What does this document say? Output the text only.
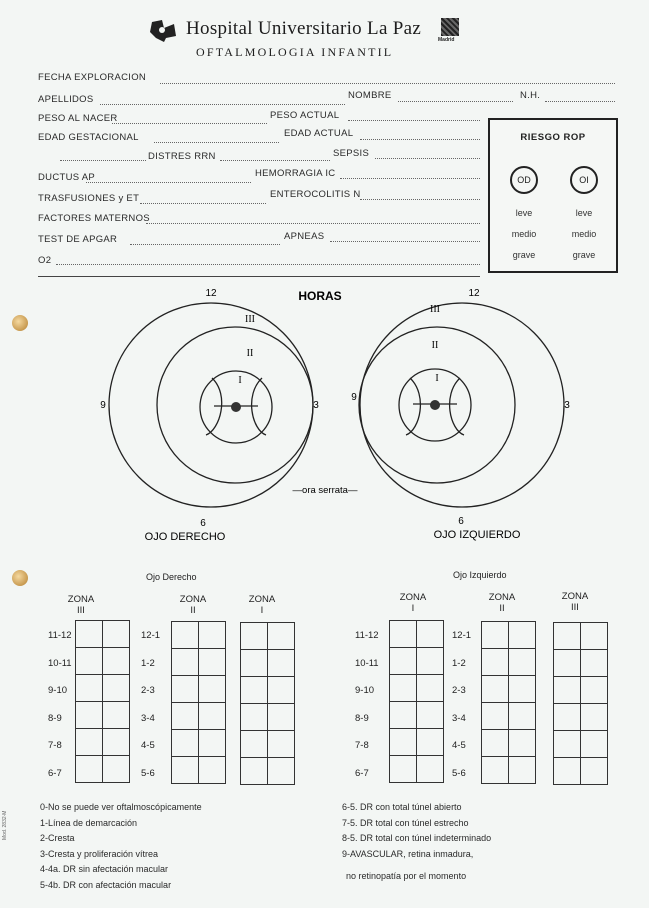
Hospital Universitario La Paz
OFTALMOLOGIA INFANTIL
Madrid
FECHA EXPLORACION
APELLIDOS	NOMBRE	N.H.
PESO AL NACER	PESO ACTUAL
EDAD GESTACIONAL	EDAD ACTUAL
DISTRES RRN	SEPSIS
DUCTUS AP	HEMORRAGIA IC
TRASFUSIONES y ET	ENTEROCOLITIS N
FACTORES MATERNOS
TEST DE APGAR	APNEAS
O2
RIESGO ROP
OD	OI
leve	leve
medio	medio
grave	grave
HORAS
12
9	3
6
III
II
I
12
9
3
6
III
II
I
—ora serrata—
OJO DERECHO	OJO IZQUIERDO
Ojo Derecho
ZONA
III
ZONA
II
ZONA
I

Ojo Izquierdo
ZONA
I
ZONA
II
ZONA
III

11-12
10-11
9-10
8-9
7-8
6-7
12-1
1-2
2-3
3-4
4-5
5-6
11-12
10-11
9-10
8-9
7-8
6-7
12-1
1-2
2-3
3-4
4-5
5-6
0-No se puede ver oftalmoscópicamente
1-Línea de demarcación
2-Cresta
3-Cresta y proliferación vítrea
4-4a. DR sin afectación macular
5-4b. DR con afectación macular
6-5. DR con total túnel abierto
7-5. DR total con túnel estrecho
8-5. DR total con túnel indeterminado
9-AVASCULAR, retina inmadura,
no retinopatía por el momento
Mod. 2832-M
